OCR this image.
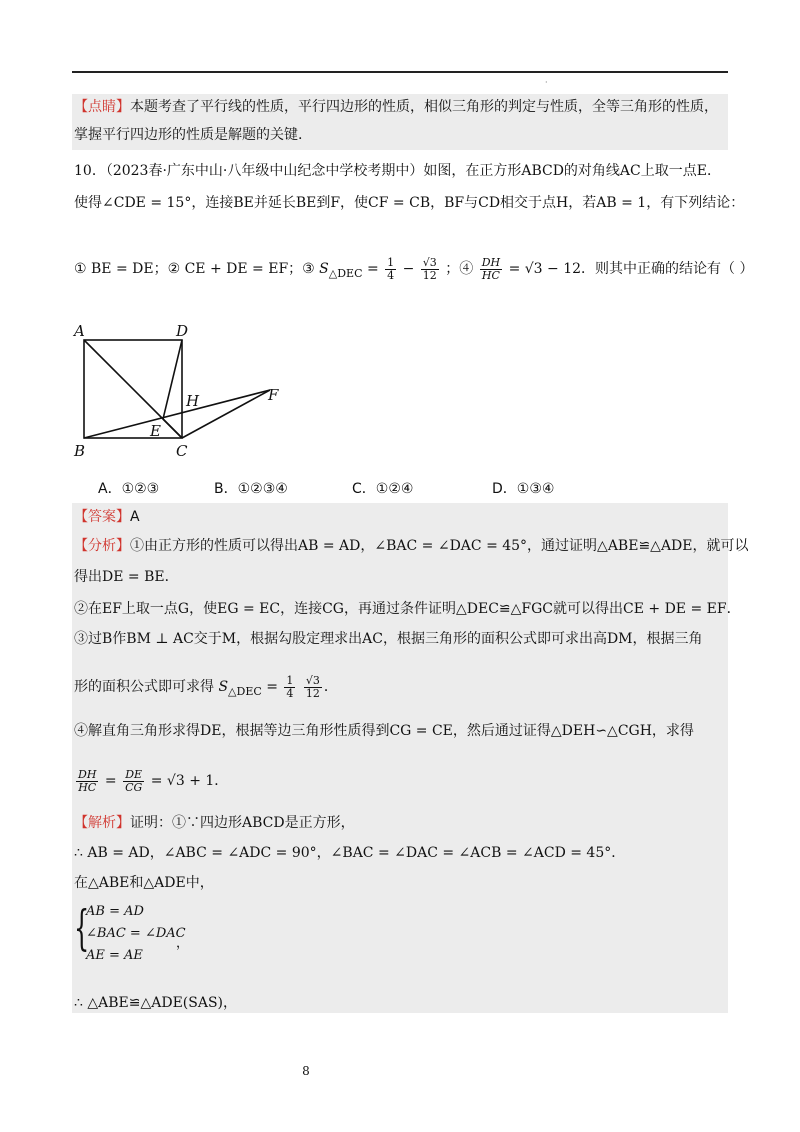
·
【点睛】本题考查了平行线的性质，平行四边形的性质，相似三角形的判定与性质，全等三角形的性质，
掌握平行四边形的性质是解题的关键.
10．（2023春·广东中山·八年级中山纪念中学校考期中）如图，在正方形ABCD的对角线AC上取一点E．
使得∠CDE = 15°，连接BE并延长BE到F，使CF = CB，BF与CD相交于点H，若AB = 1，有下列结论：
① BE = DE；② CE + DE = EF；③ $S_{\triangle DEC} = \frac{1}{4} - \frac{√3}{12}$ ；④ $\frac{DH}{HC} = √3 - 12$．则其中正确的结论有（ ）
A	D
B	C
E
F
H
A．①②③	B．①②③④	C．①②④	D．①③④
【答案】A
【分析】①由正方形的性质可以得出AB = AD，∠BAC = ∠DAC = 45°，通过证明△ABE≌△ADE，就可以
得出DE = BE．
②在EF上取一点G，使EG = EC，连接CG，再通过条件证明△DEC≌△FGC就可以得出CE + DE = EF．
③过B作BM ⊥ AC交于M，根据勾股定理求出AC，根据三角形的面积公式即可求出高DM，根据三角
形的面积公式即可求得 $S_{\triangle DEC} = \frac{1}{4}$
$\frac{√3}{12}$ ．
④解直角三角形求得DE，根据等边三角形性质得到CG = CE，然后通过证得△DEH∽△CGH，求得
$\frac{DH}{HC} = \frac{DE}{CG} = √3 + 1$．
【解析】证明：①∵四边形ABCD是正方形，
∴ AB = AD，∠ABC = ∠ADC = 90°，∠BAC = ∠DAC = ∠ACB = ∠ACD = 45°．
在△ABE和△ADE中，
{
AB = AD
∠BAC = ∠DAC
AE = AE
，
∴ △ABE≌△ADE(SAS)，
8
